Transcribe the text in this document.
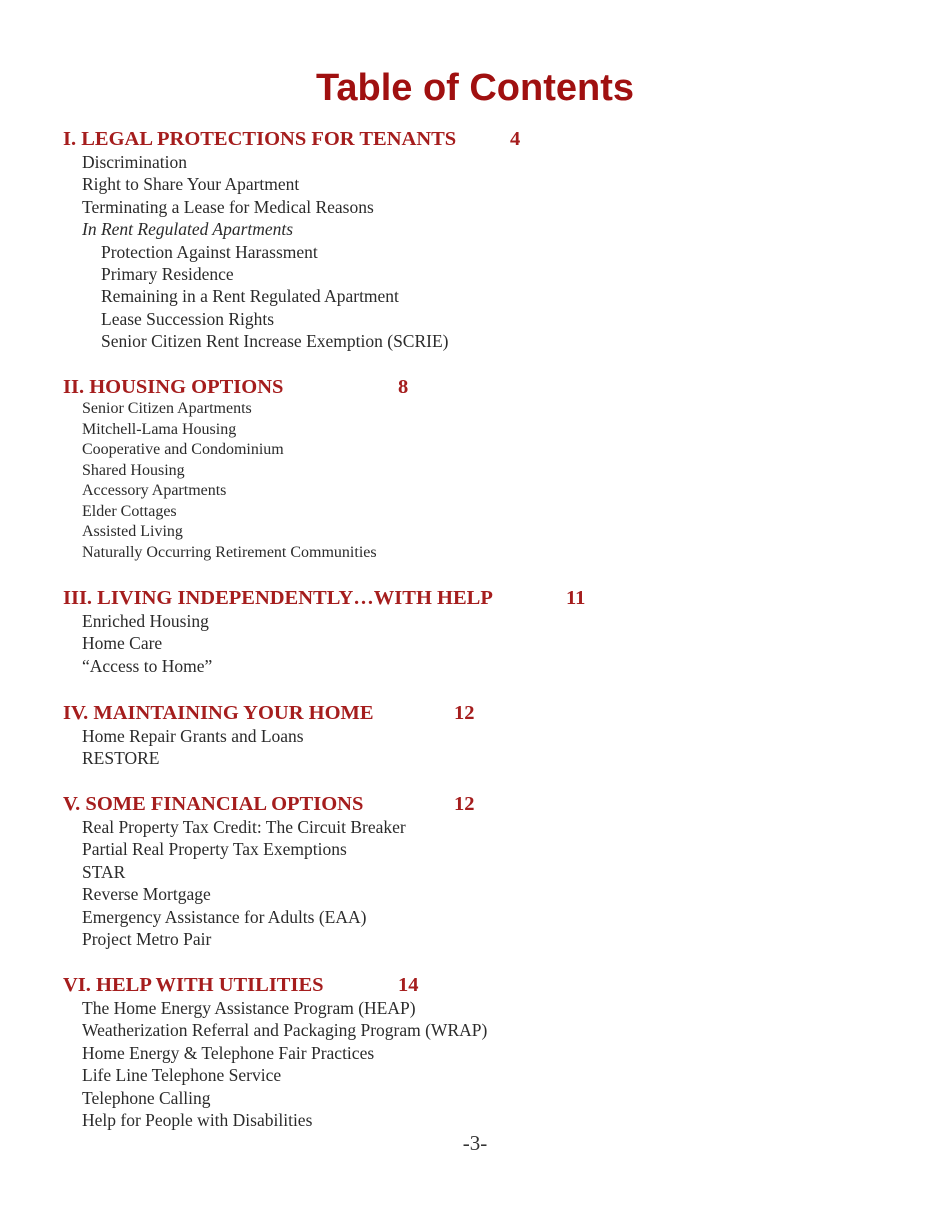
Table of Contents
I. LEGAL PROTECTIONS FOR TENANTS	4
Discrimination
Right to Share Your Apartment
Terminating a Lease for Medical Reasons
In Rent Regulated Apartments
Protection Against Harassment
Primary Residence
Remaining in a Rent Regulated Apartment
Lease Succession Rights
Senior Citizen Rent Increase Exemption (SCRIE)
II. HOUSING OPTIONS	8
Senior Citizen Apartments
Mitchell-Lama Housing
Cooperative and Condominium
Shared Housing
Accessory Apartments
Elder Cottages
Assisted Living
Naturally Occurring Retirement Communities
III. LIVING INDEPENDENTLY…WITH HELP	11
Enriched Housing
Home Care
“Access to Home”
IV. MAINTAINING YOUR HOME	12
Home Repair Grants and Loans
RESTORE
V. SOME FINANCIAL OPTIONS	12
Real Property Tax Credit: The Circuit Breaker
Partial Real Property Tax Exemptions
STAR
Reverse Mortgage
Emergency Assistance for Adults (EAA)
Project Metro Pair
VI. HELP WITH UTILITIES	14
The Home Energy Assistance Program (HEAP)
Weatherization Referral and Packaging Program (WRAP)
Home Energy & Telephone Fair Practices
Life Line Telephone Service
Telephone Calling
Help for People with Disabilities
-3-
